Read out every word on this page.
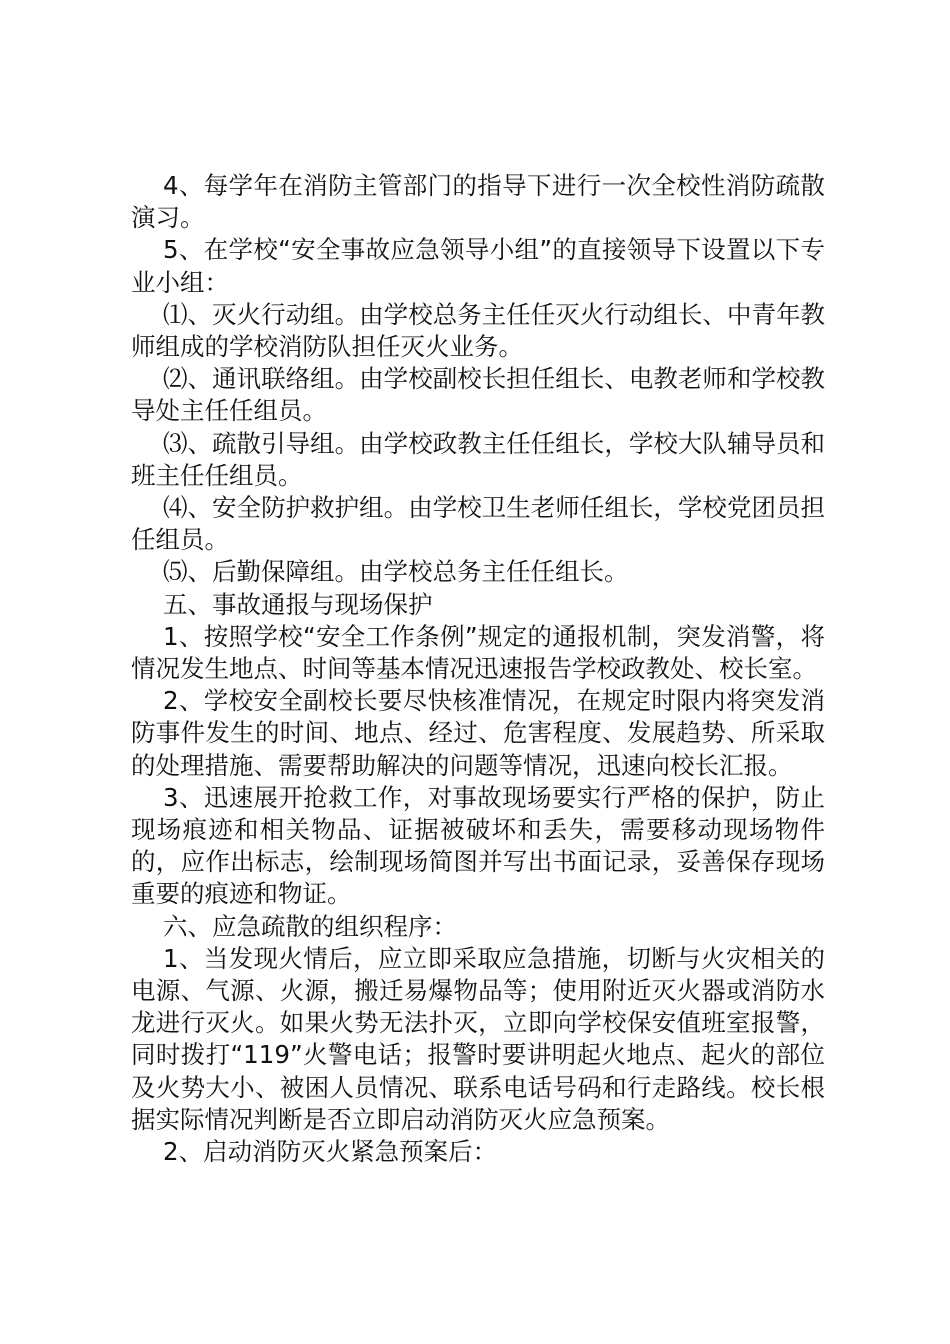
4、每学年在消防主管部门的指导下进行一次全校性消防疏散演习。

5、在学校“安全事故应急领导小组”的直接领导下设置以下专业小组：

⑴、灭火行动组。由学校总务主任任灭火行动组长、中青年教师组成的学校消防队担任灭火业务。

⑵、通讯联络组。由学校副校长担任组长、电教老师和学校教导处主任任组员。

⑶、疏散引导组。由学校政教主任任组长，学校大队辅导员和班主任任组员。

⑷、安全防护救护组。由学校卫生老师任组长，学校党团员担任组员。

⑸、后勤保障组。由学校总务主任任组长。

五、事故通报与现场保护

1、按照学校“安全工作条例”规定的通报机制，突发消警，将情况发生地点、时间等基本情况迅速报告学校政教处、校长室。

2、学校安全副校长要尽快核准情况，在规定时限内将突发消防事件发生的时间、地点、经过、危害程度、发展趋势、所采取的处理措施、需要帮助解决的问题等情况，迅速向校长汇报。

3、迅速展开抢救工作，对事故现场要实行严格的保护，防止现场痕迹和相关物品、证据被破坏和丢失，需要移动现场物件的，应作出标志，绘制现场简图并写出书面记录，妥善保存现场重要的痕迹和物证。

六、应急疏散的组织程序：

1、当发现火情后，应立即采取应急措施，切断与火灾相关的电源、气源、火源，搬迁易爆物品等；使用附近灭火器或消防水龙进行灭火。如果火势无法扑灭，立即向学校保安值班室报警，同时拨打“119”火警电话；报警时要讲明起火地点、起火的部位及火势大小、被困人员情况、联系电话号码和行走路线。校长根据实际情况判断是否立即启动消防灭火应急预案。

2、启动消防灭火紧急预案后：
